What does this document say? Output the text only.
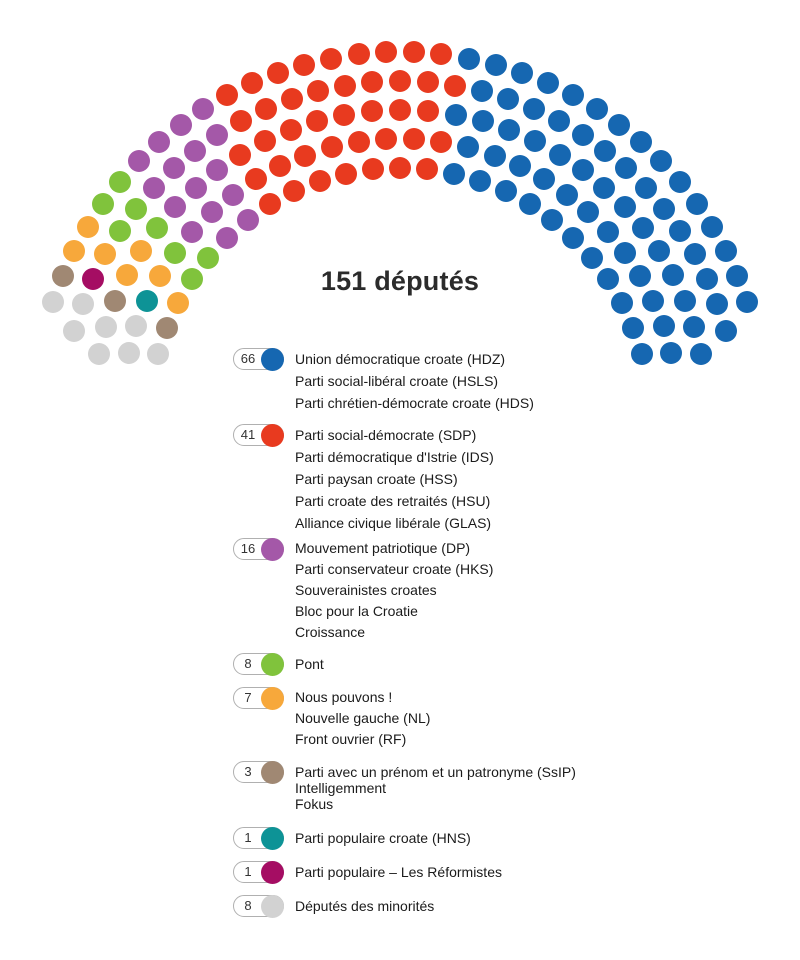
151 députés
66	Union démocratique croate (HDZ)
Parti social-libéral croate (HSLS)
Parti chrétien-démocrate croate (HDS)
41	Parti social-démocrate (SDP)
Parti démocratique d'Istrie (IDS)
Parti paysan croate (HSS)
Parti croate des retraités (HSU)
Alliance civique libérale (GLAS)
16	Mouvement patriotique (DP)
Parti conservateur croate (HKS)
Souverainistes croates
Bloc pour la Croatie
Croissance
8	Pont
7	Nous pouvons !
Nouvelle gauche (NL)
Front ouvrier (RF)
3	Parti avec un prénom et un patronyme (SsIP)
Intelligemment
Fokus
1	Parti populaire croate (HNS)
1	Parti populaire – Les Réformistes
8	Députés des minorités
